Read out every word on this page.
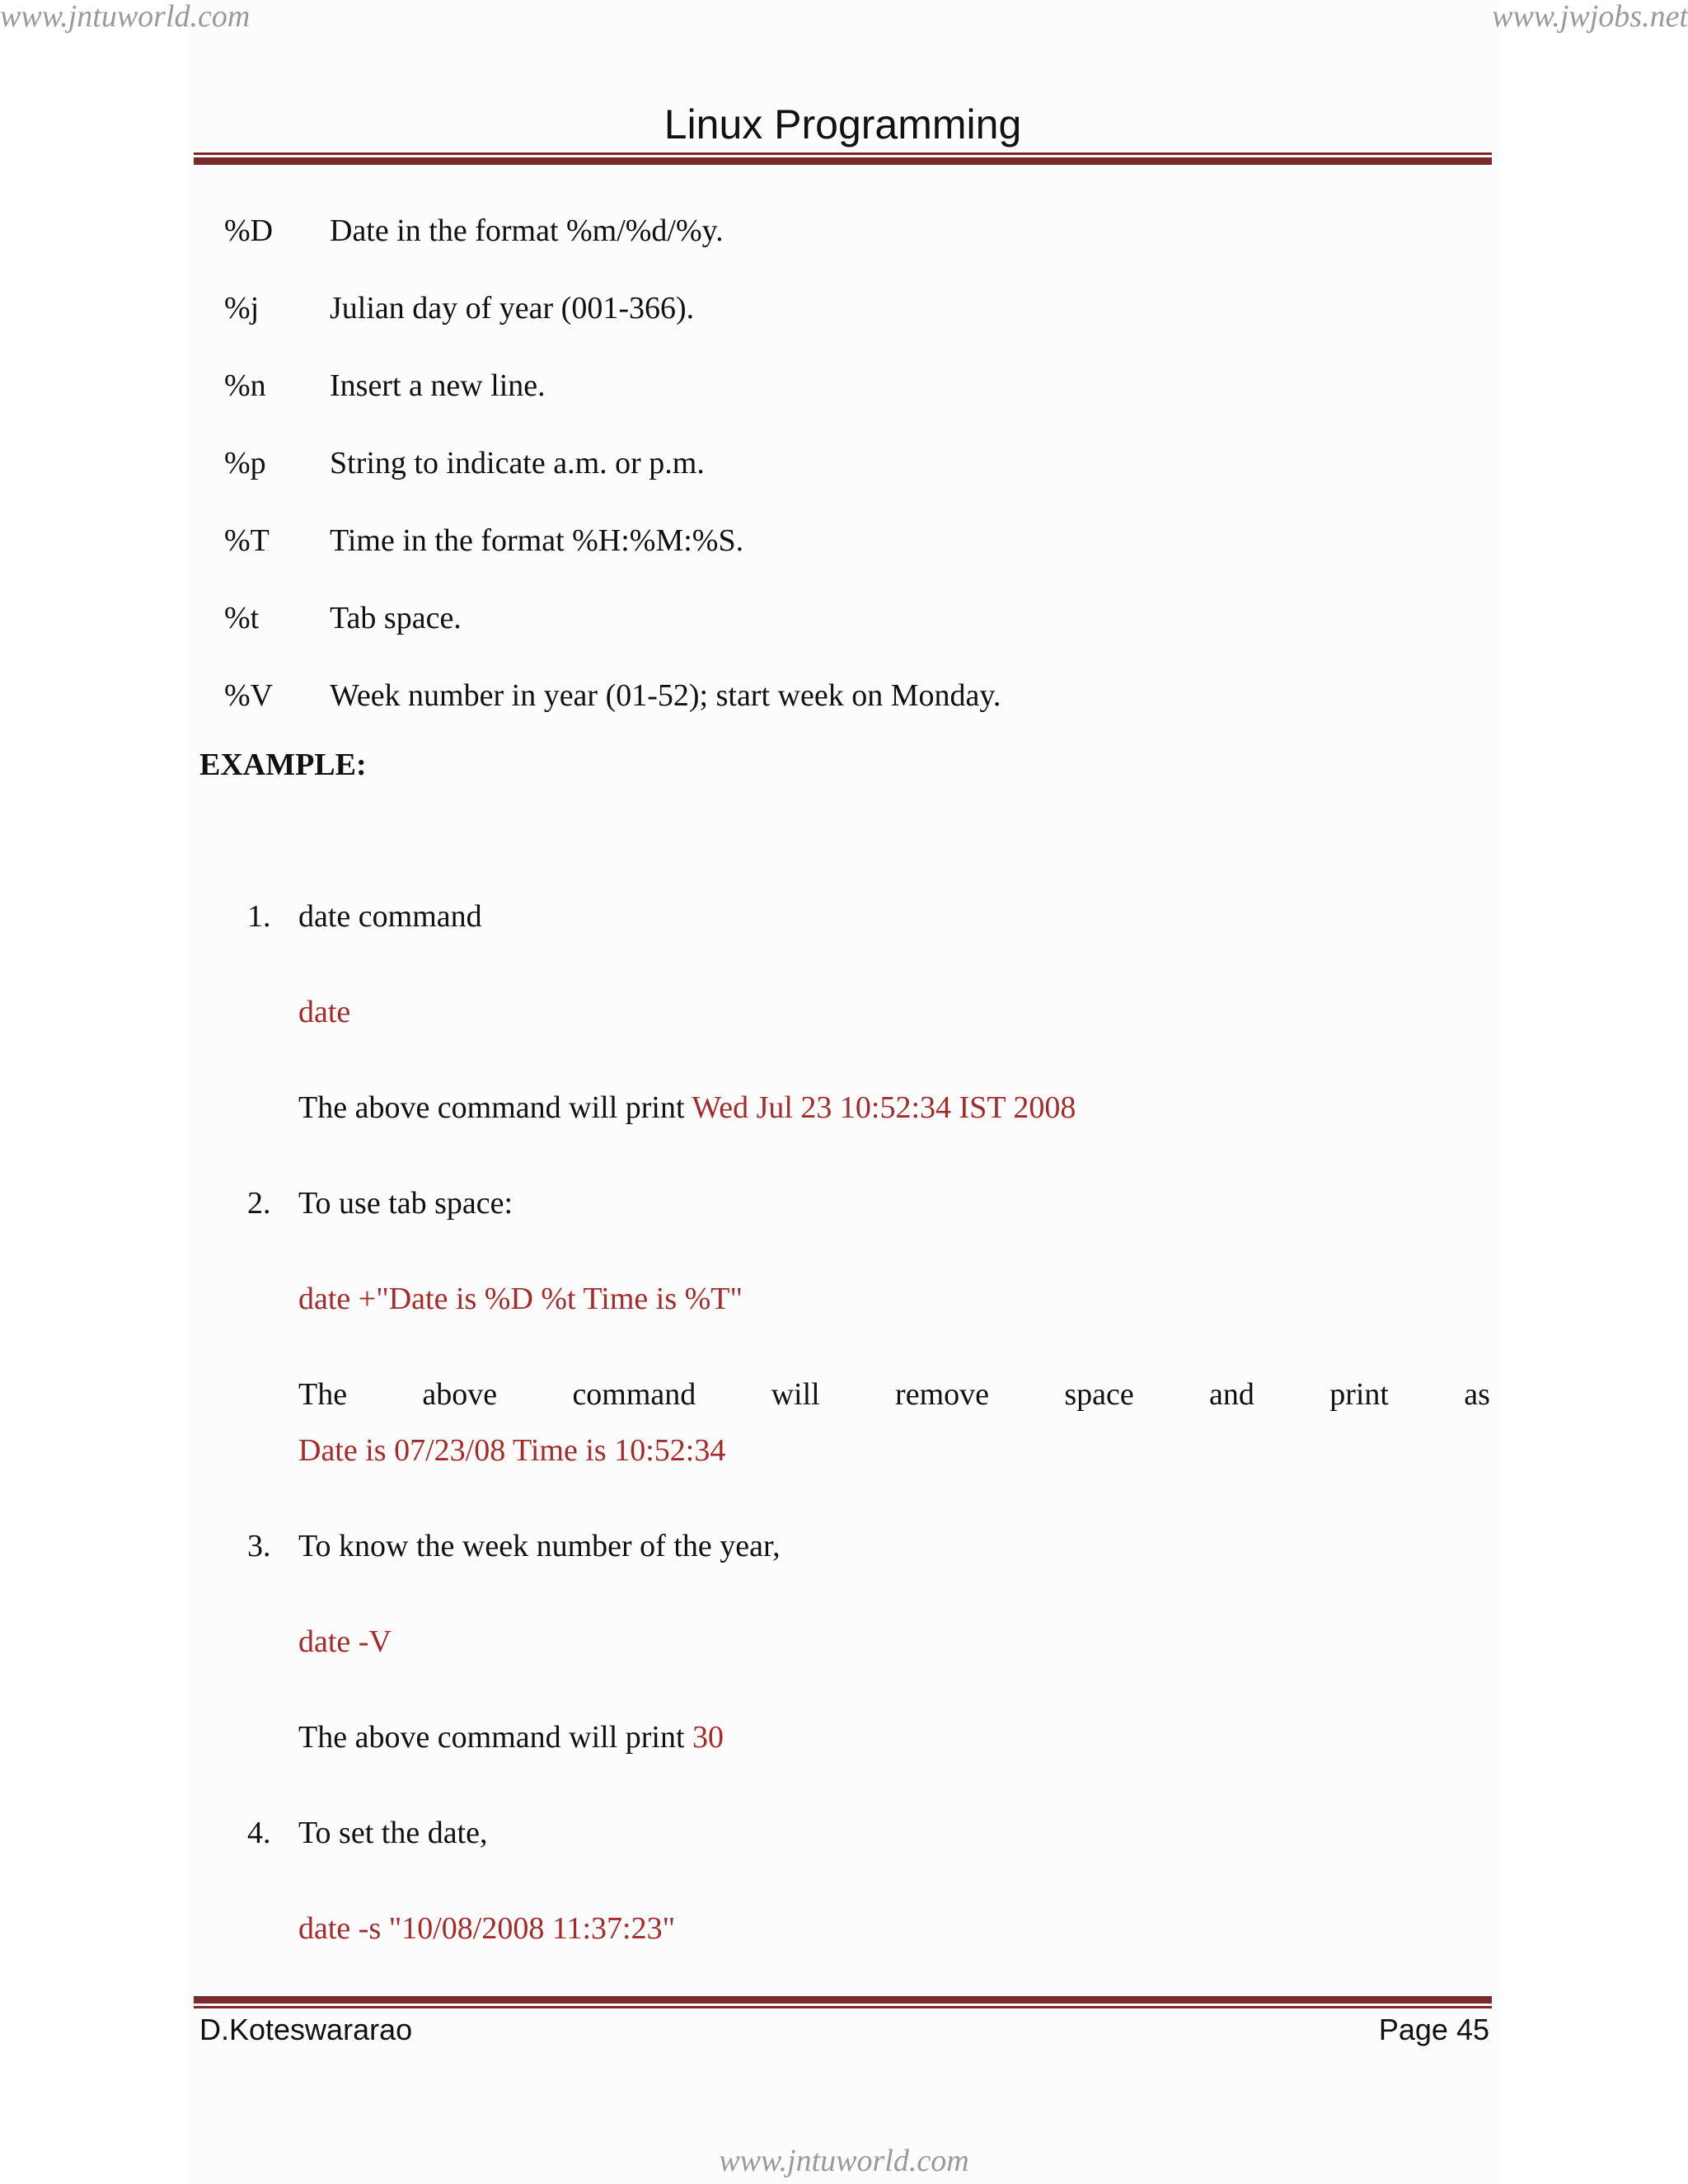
www.jntuworld.com	www.jwjobs.net
Linux Programming
%D Date in the format %m/%d/%y.
%j Julian day of year (001-366).
%n Insert a new line.
%p String to indicate a.m. or p.m.
%T Time in the format %H:%M:%S.
%t Tab space.
%V Week number in year (01-52); start week on Monday.
EXAMPLE:
1. date command
date
The above command will print Wed Jul 23 10:52:34 IST 2008
2. To use tab space:
date +"Date is %D %t Time is %T"
The above command will remove space and print as
Date is 07/23/08 Time is 10:52:34
3. To know the week number of the year,
date -V
The above command will print 30
4. To set the date,
date -s "10/08/2008 11:37:23"
D.Koteswararao	Page 45
www.jntuworld.com
